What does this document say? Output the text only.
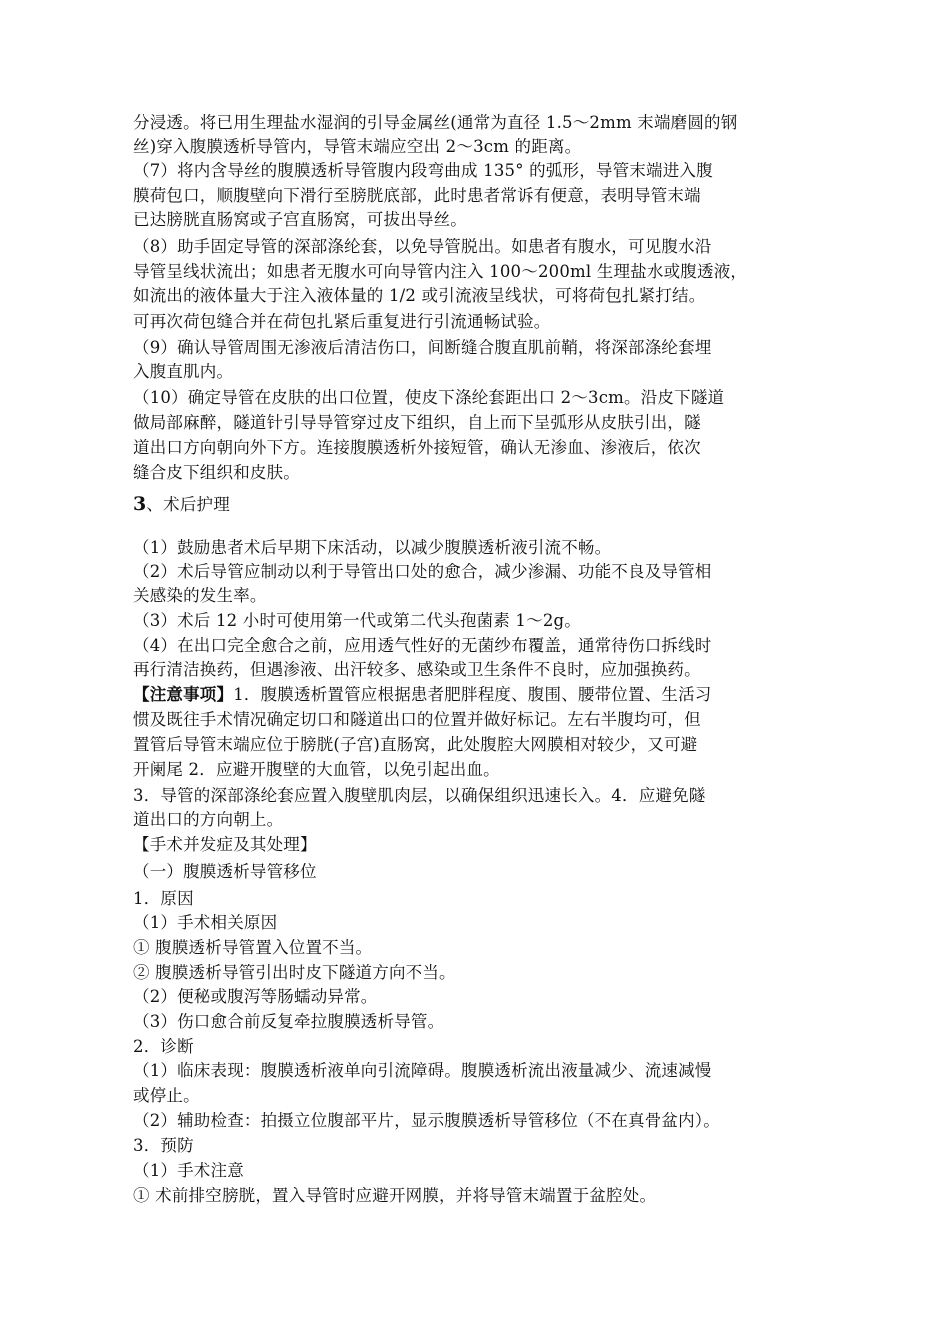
分浸透。将已用生理盐水湿润的引导金属丝(通常为直径 1.5～2mm 末端磨圆的钢

丝)穿入腹膜透析导管内，导管末端应空出 2～3cm 的距离。

（7）将内含导丝的腹膜透析导管腹内段弯曲成 135° 的弧形，导管末端进入腹

膜荷包口，顺腹壁向下滑行至膀胱底部，此时患者常诉有便意，表明导管末端

已达膀胱直肠窝或子宫直肠窝，可拔出导丝。

（8）助手固定导管的深部涤纶套，以免导管脱出。如患者有腹水，可见腹水沿

导管呈线状流出；如患者无腹水可向导管内注入 100～200ml 生理盐水或腹透液，

如流出的液体量大于注入液体量的 1/2 或引流液呈线状，可将荷包扎紧打结。

可再次荷包缝合并在荷包扎紧后重复进行引流通畅试验。

（9）确认导管周围无渗液后清洁伤口，间断缝合腹直肌前鞘，将深部涤纶套埋

入腹直肌内。

（10）确定导管在皮肤的出口位置，使皮下涤纶套距出口 2～3cm。沿皮下隧道

做局部麻醉，隧道针引导导管穿过皮下组织，自上而下呈弧形从皮肤引出，隧

道出口方向朝向外下方。连接腹膜透析外接短管，确认无渗血、渗液后，依次

缝合皮下组织和皮肤。

3、术后护理

（1）鼓励患者术后早期下床活动，以减少腹膜透析液引流不畅。

（2）术后导管应制动以利于导管出口处的愈合，减少渗漏、功能不良及导管相

关感染的发生率。

（3）术后 12 小时可使用第一代或第二代头孢菌素 1～2g。

（4）在出口完全愈合之前，应用透气性好的无菌纱布覆盖，通常待伤口拆线时

再行清洁换药，但遇渗液、出汗较多、感染或卫生条件不良时，应加强换药。

【注意事项】1．腹膜透析置管应根据患者肥胖程度、腹围、腰带位置、生活习

惯及既往手术情况确定切口和隧道出口的位置并做好标记。左右半腹均可，但

置管后导管末端应位于膀胱(子宫)直肠窝，此处腹腔大网膜相对较少，又可避

开阑尾 2．应避开腹壁的大血管，以免引起出血。

3．导管的深部涤纶套应置入腹壁肌肉层，以确保组织迅速长入。4．应避免隧

道出口的方向朝上。

【手术并发症及其处理】

（一）腹膜透析导管移位

1．原因

（1）手术相关原因

① 腹膜透析导管置入位置不当。

② 腹膜透析导管引出时皮下隧道方向不当。

（2）便秘或腹泻等肠蠕动异常。

（3）伤口愈合前反复牵拉腹膜透析导管。

2．诊断

（1）临床表现：腹膜透析液单向引流障碍。腹膜透析流出液量减少、流速减慢

或停止。

（2）辅助检查：拍摄立位腹部平片，显示腹膜透析导管移位（不在真骨盆内）。

3．预防

（1）手术注意

① 术前排空膀胱，置入导管时应避开网膜，并将导管末端置于盆腔处。
